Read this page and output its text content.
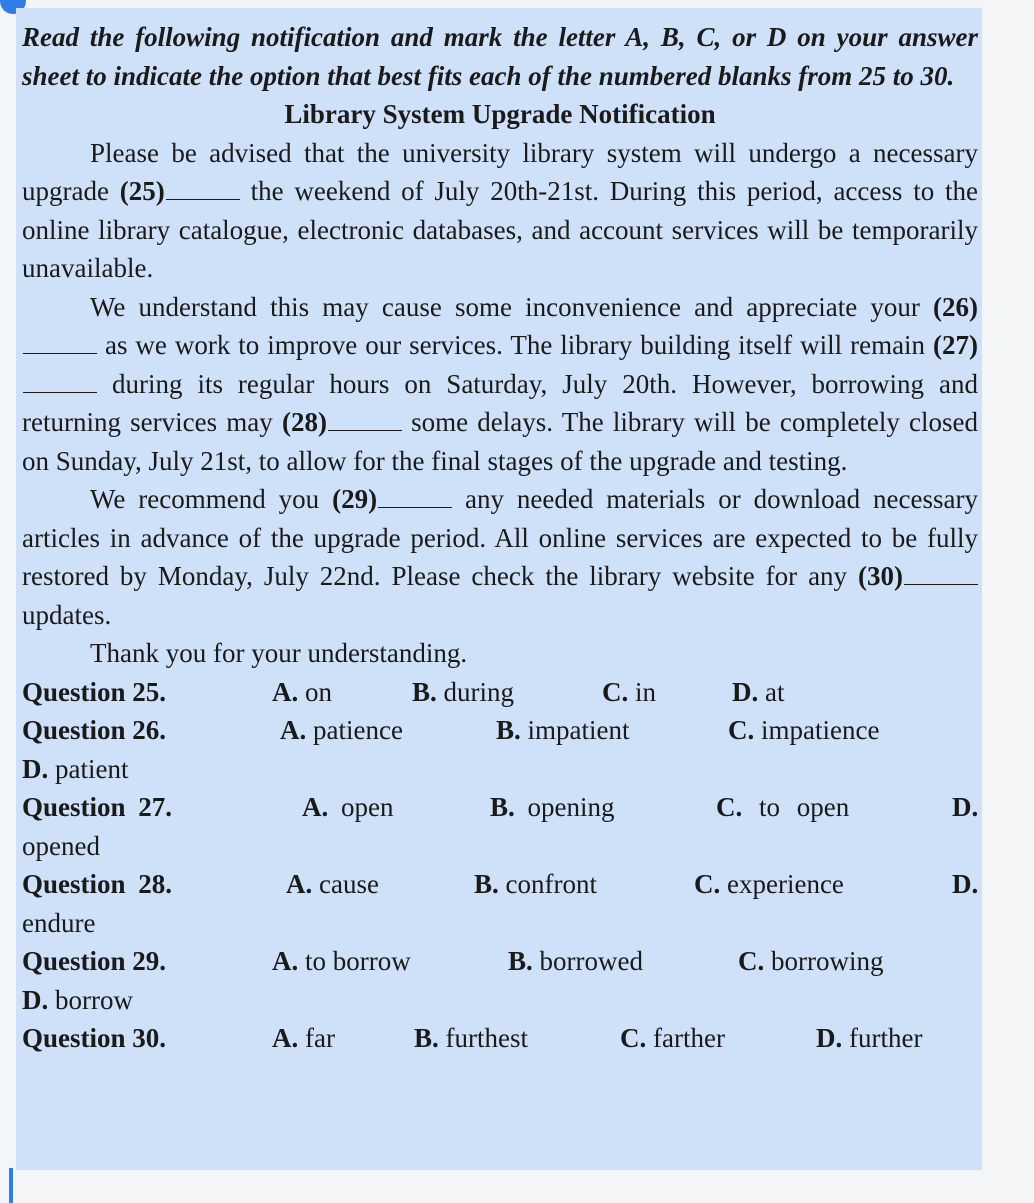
Read the following notification and mark the letter A, B, C, or D on your answer sheet to indicate the option that best fits each of the numbered blanks from 25 to 30.
Library System Upgrade Notification

Please be advised that the university library system will undergo a necessary upgrade (25)	the weekend of July 20th-21st. During this period, access to the online library catalogue, electronic databases, and account services will be temporarily unavailable.

We understand this may cause some inconvenience and appreciate your (26) as we work to improve our services. The library building itself will remain (27) during its regular hours on Saturday, July 20th. However, borrowing and returning services may (28)	some delays. The library will be completely closed on Sunday, July 21st, to allow for the final stages of the upgrade and testing.

We recommend you (29)	any needed materials or download necessary articles in advance of the upgrade period. All online services are expected to be fully restored by Monday, July 22nd. Please check the library website for any (30) updates.

Thank you for your understanding.

Question 25.	A. on	B. during	C. in	D. at
Question 26.	A. patience	B. impatient	C. impatience
D. patient
Question 27.	A. open	B. opening	C. to open	D.
opened
Question 28.	A. cause	B. confront	C. experience	D.
endure
Question 29.	A. to borrow	B. borrowed	C. borrowing
D. borrow
Question 30.	A. far	B. furthest	C. farther	D. further
